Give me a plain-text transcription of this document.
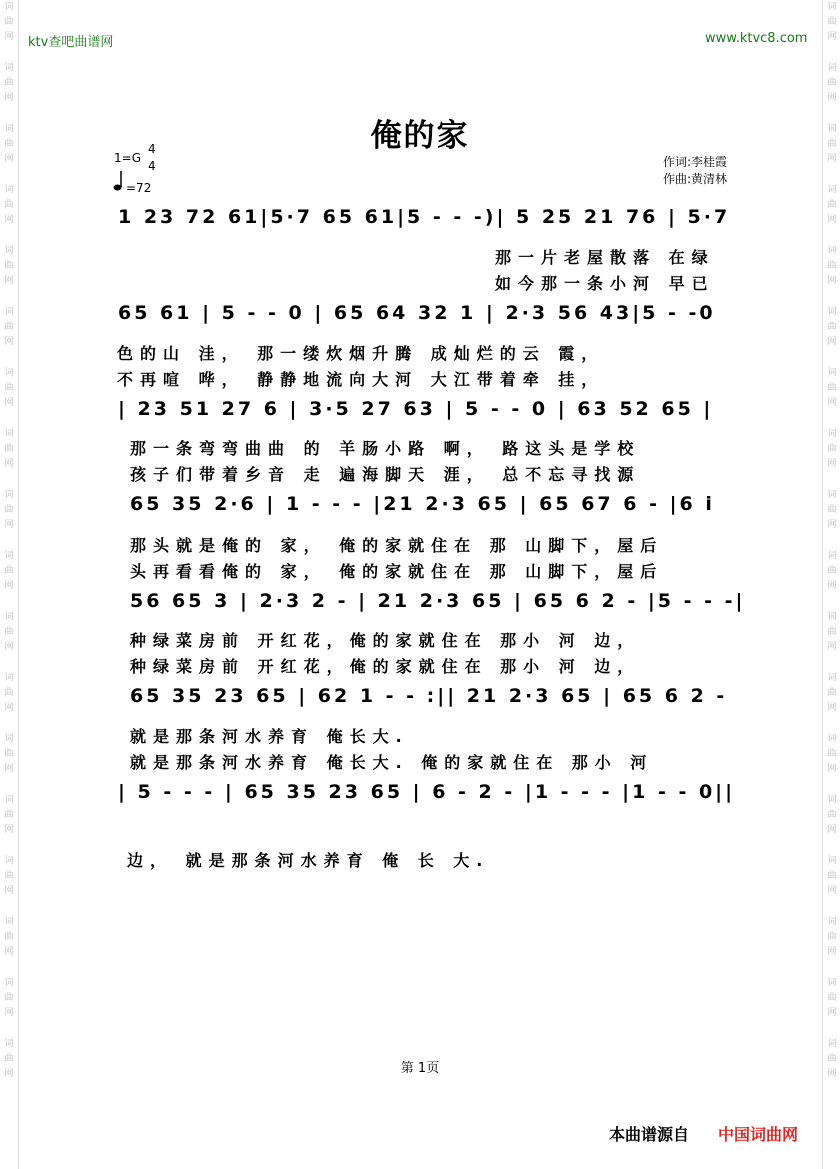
词曲网
词曲网
词曲网
词曲网
词曲网
词曲网
词曲网
词曲网
词曲网
词曲网
词曲网
词曲网
词曲网
词曲网
词曲网
词曲网
词曲网
词曲网
词曲网
词曲网
词曲网
词曲网
词曲网
词曲网
词曲网
词曲网
词曲网
词曲网
词曲网
词曲网
词曲网
词曲网
词曲网
词曲网
词曲网
词曲网
ktv查吧曲谱网	www.ktvc8.com
俺的家
1=G
4
4
=72
作词:李桂霞
作曲:黄清林
1 23 72 61|5·7 65 61|5 - - -)| 5 25 21 76 | 5·7
65 61 | 5 - - 0 | 65 64 32 1 | 2·3 56 43|5 - -0
| 23 51 27 6 | 3·5 27 63 | 5 - - 0 | 63 52 65 |
65 35 2·6 | 1 - - - |21 2·3 65 | 65 67 6 - |6 i
56 65 3 | 2·3 2 - | 21 2·3 65 | 65 6 2 - |5 - - -|
65 35 23 65 | 62 1 - - :|| 21 2·3 65 | 65 6 2 -
| 5 - - - | 65 35 23 65 | 6 - 2 - |1 - - - |1 - - 0||
那一片老屋散落 在绿
如今那一条小河 早已
色的山 洼， 那一缕炊烟升腾 成灿烂的云 霞，
不再喧 哗， 静静地流向大河 大江带着牵 挂，
那一条弯弯曲曲 的 羊肠小路 啊， 路这头是学校
孩子们带着乡音 走 遍海脚天 涯， 总不忘寻找源
那头就是俺的 家， 俺的家就住在 那 山脚下，屋后
头再看看俺的 家， 俺的家就住在 那 山脚下，屋后
种绿菜房前 开红花，俺的家就住在 那小 河 边，
种绿菜房前 开红花，俺的家就住在 那小 河 边，
就是那条河水养育 俺长大.
就是那条河水养育 俺长大. 俺的家就住在 那小 河
边， 就是那条河水养育 俺 长 大.
第 1页
本曲谱源自 中国词曲网
